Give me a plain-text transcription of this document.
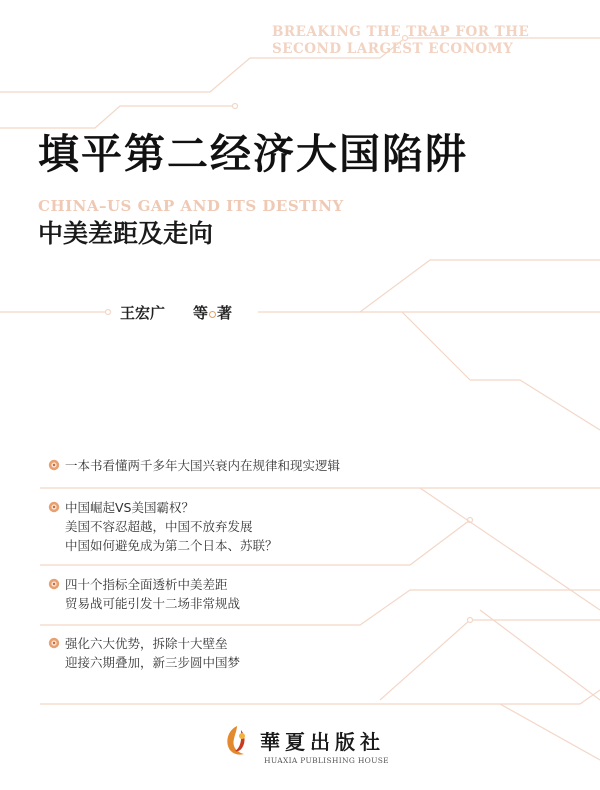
BREAKING THE TRAP FOR THE
SECOND LARGEST ECONOMY
填平第二经济大国陷阱
CHINA–US GAP AND ITS DESTINY
中美差距及走向
王宏广 等 著
一本书看懂两千多年大国兴衰内在规律和现实逻辑
中国崛起VS美国霸权？
美国不容忍超越，中国不放弃发展
中国如何避免成为第二个日本、苏联？
四十个指标全面透析中美差距
贸易战可能引发十二场非常规战
强化六大优势，拆除十大壁垒
迎接六期叠加，新三步圆中国梦
華夏出版社
HUAXIA PUBLISHING HOUSE
